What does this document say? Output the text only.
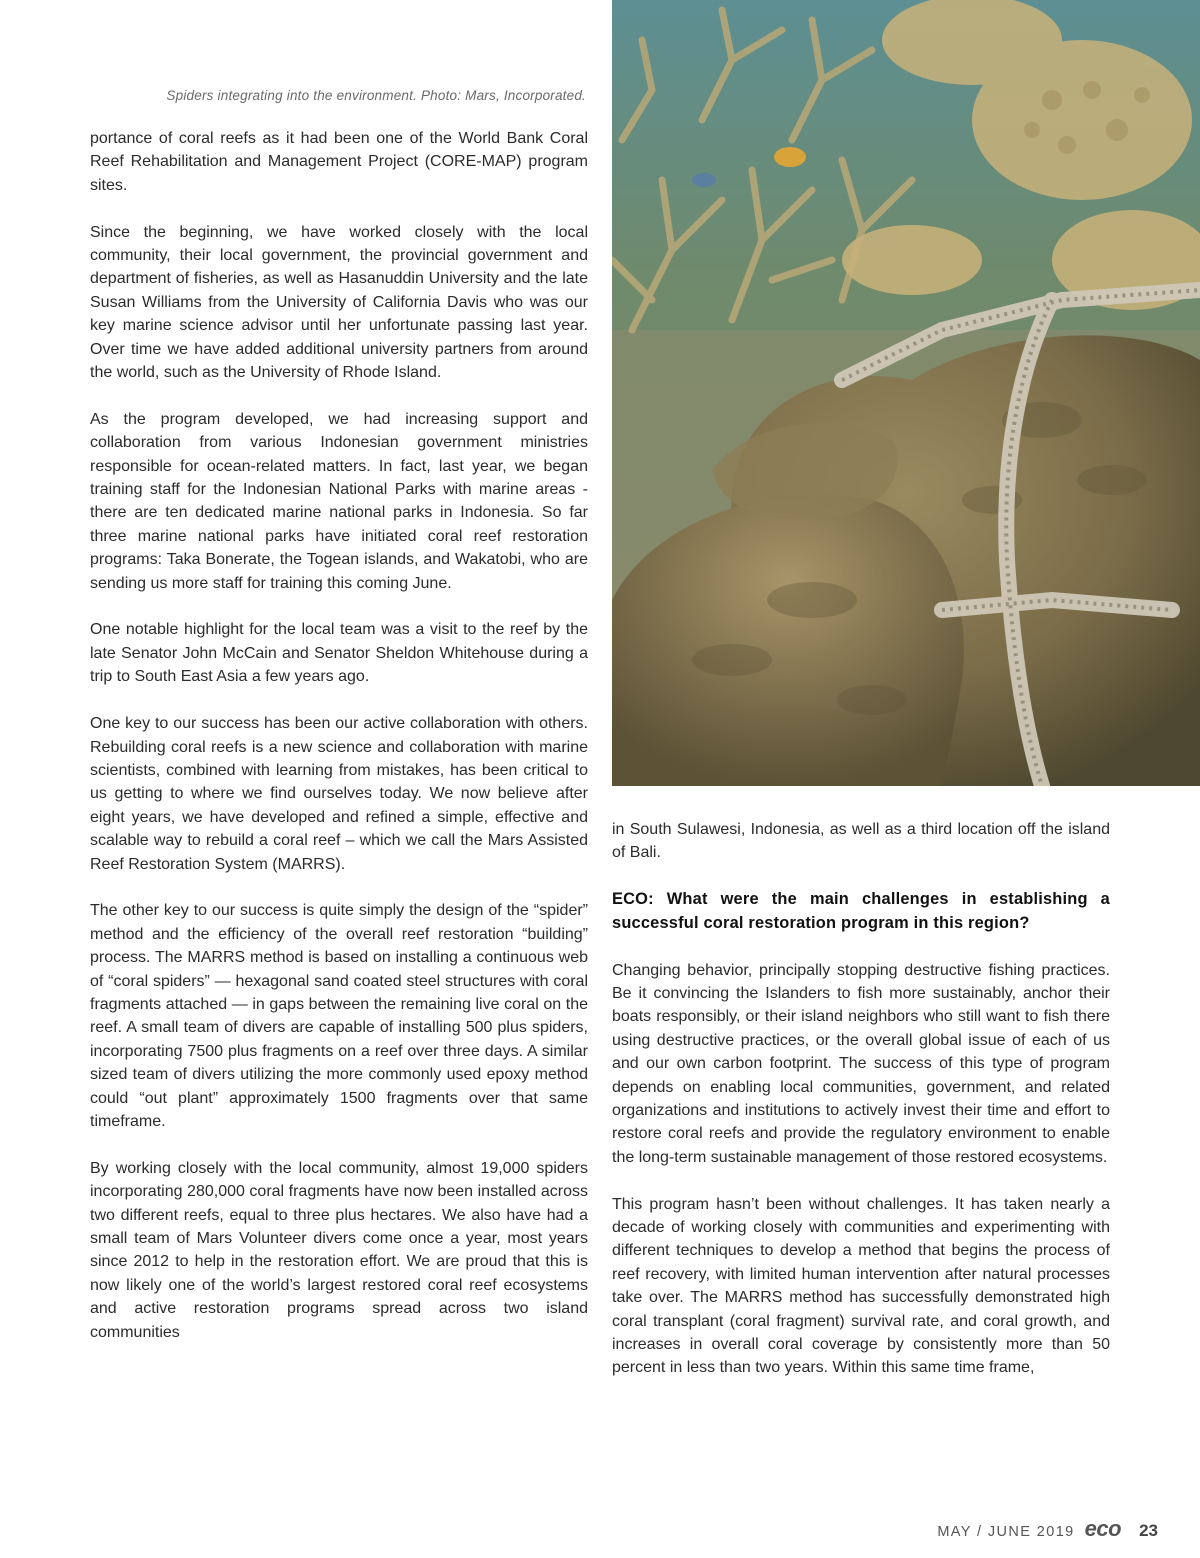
Spiders integrating into the environment. Photo: Mars, Incorporated.

portance of coral reefs as it had been one of the World Bank Coral Reef Rehabilitation and Management Project (CORE-MAP) program sites.

Since the beginning, we have worked closely with the local community, their local government, the provincial government and department of fisheries, as well as Hasanuddin University and the late Susan Williams from the University of California Davis who was our key marine science advisor until her unfortunate passing last year. Over time we have added additional university partners from around the world, such as the University of Rhode Island.

As the program developed, we had increasing support and collaboration from various Indonesian government ministries responsible for ocean-related matters. In fact, last year, we began training staff for the Indonesian National Parks with marine areas - there are ten dedicated marine national parks in Indonesia. So far three marine national parks have initiated coral reef restoration programs: Taka Bonerate, the Togean islands, and Wakatobi, who are sending us more staff for training this coming June.

One notable highlight for the local team was a visit to the reef by the late Senator John McCain and Senator Sheldon Whitehouse during a trip to South East Asia a few years ago.

One key to our success has been our active collaboration with others. Rebuilding coral reefs is a new science and collaboration with marine scientists, combined with learning from mistakes, has been critical to us getting to where we find ourselves today. We now believe after eight years, we have developed and refined a simple, effective and scalable way to rebuild a coral reef – which we call the Mars Assisted Reef Restoration System (MARRS).

The other key to our success is quite simply the design of the “spider” method and the efficiency of the overall reef restoration “building” process. The MARRS method is based on installing a continuous web of “coral spiders” — hexagonal sand coated steel structures with coral fragments attached — in gaps between the remaining live coral on the reef. A small team of divers are capable of installing 500 plus spiders, incorporating 7500 plus fragments on a reef over three days. A similar sized team of divers utilizing the more commonly used epoxy method could “out plant” approximately 1500 fragments over that same timeframe.

By working closely with the local community, almost 19,000 spiders incorporating 280,000 coral fragments have now been installed across two different reefs, equal to three plus hectares. We also have had a small team of Mars Volunteer divers come once a year, most years since 2012 to help in the restoration effort. We are proud that this is now likely one of the world’s largest restored coral reef ecosystems and active restoration programs spread across two island communities

in South Sulawesi, Indonesia, as well as a third location off the island of Bali.

ECO: What were the main challenges in establishing a successful coral restoration program in this region?

Changing behavior, principally stopping destructive fishing practices. Be it convincing the Islanders to fish more sustainably, anchor their boats responsibly, or their island neighbors who still want to fish there using destructive practices, or the overall global issue of each of us and our own carbon footprint. The success of this type of program depends on enabling local communities, government, and related organizations and institutions to actively invest their time and effort to restore coral reefs and provide the regulatory environment to enable the long-term sustainable management of those restored ecosystems.

This program hasn’t been without challenges. It has taken nearly a decade of working closely with communities and experimenting with different techniques to develop a method that begins the process of reef recovery, with limited human intervention after natural processes take over. The MARRS method has successfully demonstrated high coral transplant (coral fragment) survival rate, and coral growth, and increases in overall coral coverage by consistently more than 50 percent in less than two years. Within this same time frame,

MAY / JUNE 2019 eco 23
